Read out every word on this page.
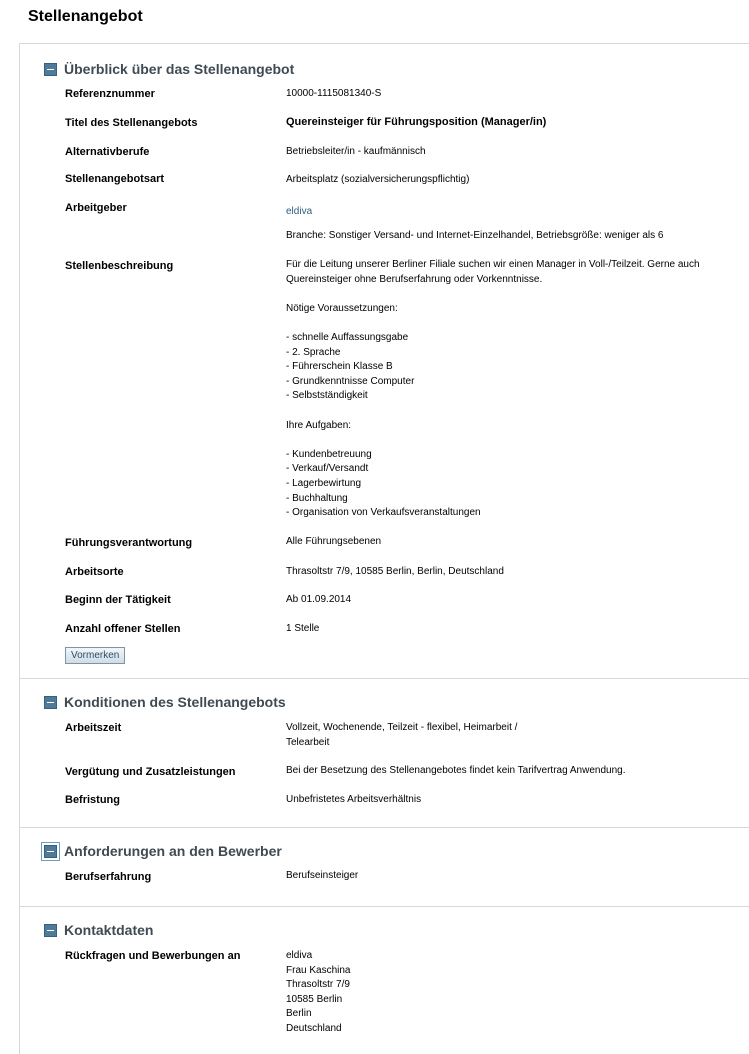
Stellenangebot
Überblick über das Stellenangebot
Referenznummer	10000-1115081340-S
Titel des Stellenangebots	Quereinsteiger für Führungsposition (Manager/in)
Alternativberufe	Betriebsleiter/in - kaufmännisch
Stellenangebotsart	Arbeitsplatz (sozialversicherungspflichtig)
Arbeitgeber	eldiva
Branche: Sonstiger Versand- und Internet-Einzelhandel, Betriebsgröße: weniger als 6
Stellenbeschreibung	Für die Leitung unserer Berliner Filiale suchen wir einen Manager in Voll-/Teilzeit. Gerne auch Quereinsteiger ohne Berufserfahrung oder Vorkenntnisse.
Nötige Voraussetzungen:
- schnelle Auffassungsgabe
- 2. Sprache
- Führerschein Klasse B
- Grundkenntnisse Computer
- Selbstständigkeit
Ihre Aufgaben:
- Kundenbetreuung
- Verkauf/Versandt
- Lagerbewirtung
- Buchhaltung
- Organisation von Verkaufsveranstaltungen
Führungsverantwortung	Alle Führungsebenen
Arbeitsorte	Thrasoltstr 7/9, 10585 Berlin, Berlin, Deutschland
Beginn der Tätigkeit	Ab 01.09.2014
Anzahl offener Stellen	1 Stelle
Vormerken
Konditionen des Stellenangebots
Arbeitszeit	Vollzeit, Wochenende, Teilzeit - flexibel, Heimarbeit / Telearbeit
Vergütung und Zusatzleistungen	Bei der Besetzung des Stellenangebotes findet kein Tarifvertrag Anwendung.
Befristung	Unbefristetes Arbeitsverhältnis
Anforderungen an den Bewerber
Berufserfahrung	Berufseinsteiger
Kontaktdaten
Rückfragen und Bewerbungen an	eldiva
Frau Kaschina
Thrasoltstr 7/9
10585 Berlin
Berlin
Deutschland
